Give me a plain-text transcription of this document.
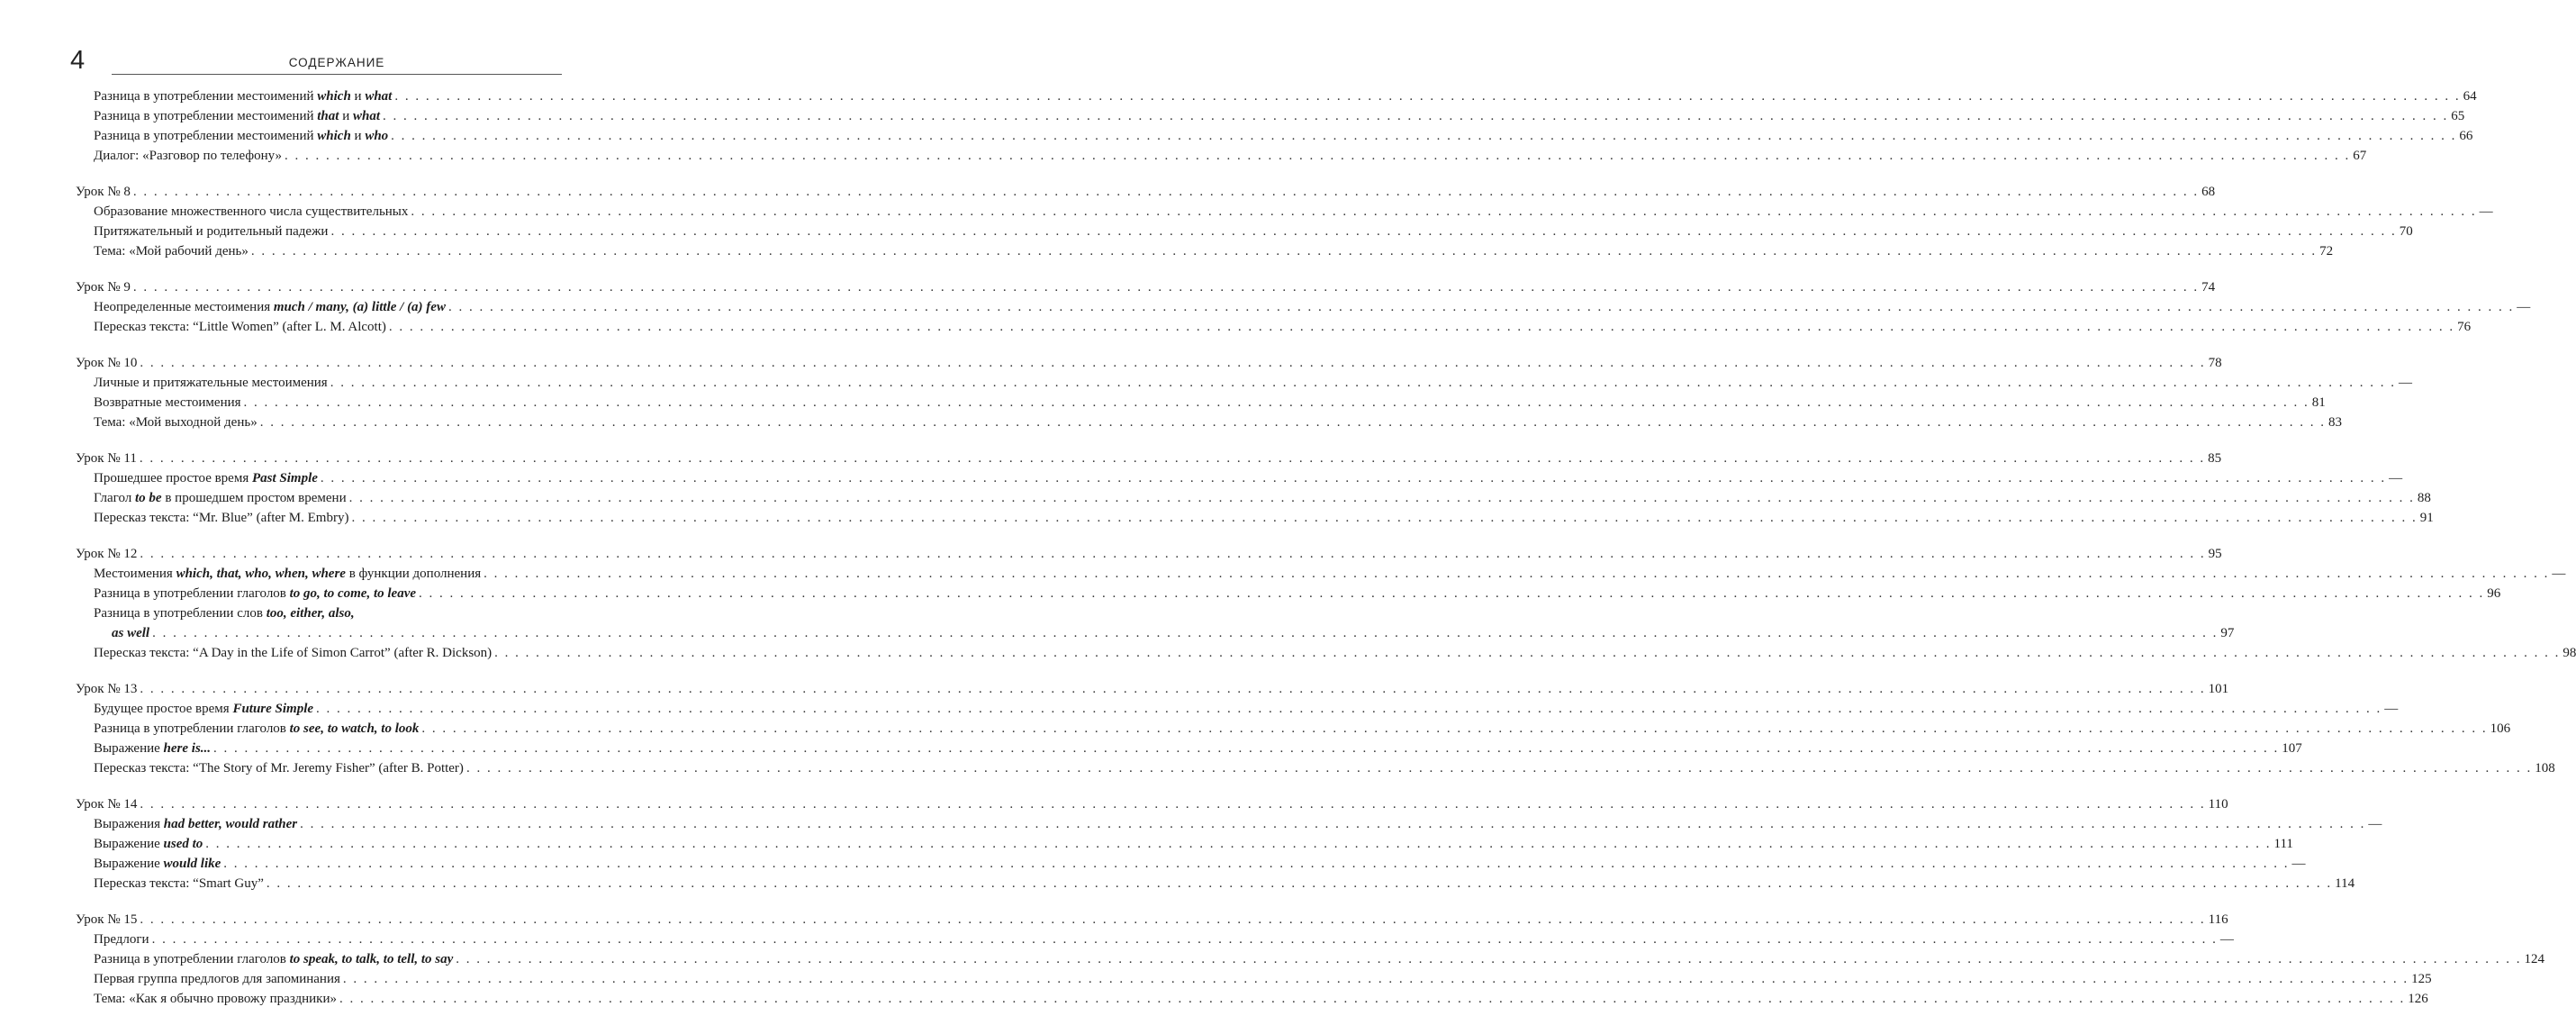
4	СОДЕРЖАНИЕ
Разница в употреблении местоимений which и what . . . . . . . . . . . . . . . . . . . . . . . . . . . . . . . . . . . . . . . . . . . . . . . . . . . . . . . . . . . . . . . . . . . . . . . . . . . . . . . . . . . . . . . . . . . . . . . . . . . . . . . . . . . . . . . . . . . . . . . . . . . . . . . . . . . . . . . . . . . . . . . . . . . . . . . . . . . . . . . . . . . . . . . . . . . . . . . . . . . . . . . . . . . . . . . . . . . . . . . . 64
Разница в употреблении местоимений that и what . . . . . . . . . . . . . . . . . . . . . . . . . . . . . . . . . . . . . . . . . . . . . . . . . . . . . . . . . . . . . . . . . . . . . . . . . . . . . . . . . . . . . . . . . . . . . . . . . . . . . . . . . . . . . . . . . . . . . . . . . . . . . . . . . . . . . . . . . . . . . . . . . . . . . . . . . . . . . . . . . . . . . . . . . . . . . . . . . . . . . . . . . . . . . . . . . . . . . . . . 65
Разница в употреблении местоимений which и who . . . . . . . . . . . . . . . . . . . . . . . . . . . . . . . . . . . . . . . . . . . . . . . . . . . . . . . . . . . . . . . . . . . . . . . . . . . . . . . . . . . . . . . . . . . . . . . . . . . . . . . . . . . . . . . . . . . . . . . . . . . . . . . . . . . . . . . . . . . . . . . . . . . . . . . . . . . . . . . . . . . . . . . . . . . . . . . . . . . . . . . . . . . . . . . . . . . . . . . . 66
Диалог: «Разговор по телефону» . . . . . . . . . . . . . . . . . . . . . . . . . . . . . . . . . . . . . . . . . . . . . . . . . . . . . . . . . . . . . . . . . . . . . . . . . . . . . . . . . . . . . . . . . . . . . . . . . . . . . . . . . . . . . . . . . . . . . . . . . . . . . . . . . . . . . . . . . . . . . . . . . . . . . . . . . . . . . . . . . . . . . . . . . . . . . . . . . . . . . . . . . . . . . . . . . . . . . . . . 67
Урок № 8 . . . . . . . . . . . . . . . . . . . . . . . . . . . . . . . . . . . . . . . . . . . . . . . . . . . . . . . . . . . . . . . . . . . . . . . . . . . . . . . . . . . . . . . . . . . . . . . . . . . . . . . . . . . . . . . . . . . . . . . . . . . . . . . . . . . . . . . . . . . . . . . . . . . . . . . . . . . . . . . . . . . . . . . . . . . . . . . . . . . . . . . . . . . . . . . . . . . . . . . . 68
Образование множественного числа существительных . . . . . . . . . . . . . . . . . . . . . . . . . . . . . . . . . . . . . . . . . . . . . . . . . . . . . . . . . . . . . . . . . . . . . . . . . . . . . . . . . . . . . . . . . . . . . . . . . . . . . . . . . . . . . . . . . . . . . . . . . . . . . . . . . . . . . . . . . . . . . . . . . . . . . . . . . . . . . . . . . . . . . . . . . . . . . . . . . . . . . . . . . . . . . . . . . . . . . . . . —
Притяжательный и родительный падежи . . . . . . . . . . . . . . . . . . . . . . . . . . . . . . . . . . . . . . . . . . . . . . . . . . . . . . . . . . . . . . . . . . . . . . . . . . . . . . . . . . . . . . . . . . . . . . . . . . . . . . . . . . . . . . . . . . . . . . . . . . . . . . . . . . . . . . . . . . . . . . . . . . . . . . . . . . . . . . . . . . . . . . . . . . . . . . . . . . . . . . . . . . . . . . . . . . . . . . . . 70
Тема: «Мой рабочий день» . . . . . . . . . . . . . . . . . . . . . . . . . . . . . . . . . . . . . . . . . . . . . . . . . . . . . . . . . . . . . . . . . . . . . . . . . . . . . . . . . . . . . . . . . . . . . . . . . . . . . . . . . . . . . . . . . . . . . . . . . . . . . . . . . . . . . . . . . . . . . . . . . . . . . . . . . . . . . . . . . . . . . . . . . . . . . . . . . . . . . . . . . . . . . . . . . . . . . . . . 72
Урок № 9 . . . . . . . . . . . . . . . . . . . . . . . . . . . . . . . . . . . . . . . . . . . . . . . . . . . . . . . . . . . . . . . . . . . . . . . . . . . . . . . . . . . . . . . . . . . . . . . . . . . . . . . . . . . . . . . . . . . . . . . . . . . . . . . . . . . . . . . . . . . . . . . . . . . . . . . . . . . . . . . . . . . . . . . . . . . . . . . . . . . . . . . . . . . . . . . . . . . . . . . . 74
Неопределенные местоимения much / many, (a) little / (a) few . . . . . . . . . . . . . . . . . . . . . . . . . . . . . . . . . . . . . . . . . . . . . . . . . . . . . . . . . . . . . . . . . . . . . . . . . . . . . . . . . . . . . . . . . . . . . . . . . . . . . . . . . . . . . . . . . . . . . . . . . . . . . . . . . . . . . . . . . . . . . . . . . . . . . . . . . . . . . . . . . . . . . . . . . . . . . . . . . . . . . . . . . . . . . . . . . . . . . . . . —
Пересказ текста: “Little Women” (after L. M. Alcott) . . . . . . . . . . . . . . . . . . . . . . . . . . . . . . . . . . . . . . . . . . . . . . . . . . . . . . . . . . . . . . . . . . . . . . . . . . . . . . . . . . . . . . . . . . . . . . . . . . . . . . . . . . . . . . . . . . . . . . . . . . . . . . . . . . . . . . . . . . . . . . . . . . . . . . . . . . . . . . . . . . . . . . . . . . . . . . . . . . . . . . . . . . . . . . . . . . . . . . . . 76
Урок № 10 . . . . . . . . . . . . . . . . . . . . . . . . . . . . . . . . . . . . . . . . . . . . . . . . . . . . . . . . . . . . . . . . . . . . . . . . . . . . . . . . . . . . . . . . . . . . . . . . . . . . . . . . . . . . . . . . . . . . . . . . . . . . . . . . . . . . . . . . . . . . . . . . . . . . . . . . . . . . . . . . . . . . . . . . . . . . . . . . . . . . . . . . . . . . . . . . . . . . . . . . 78
Личные и притяжательные местоимения . . . . . . . . . . . . . . . . . . . . . . . . . . . . . . . . . . . . . . . . . . . . . . . . . . . . . . . . . . . . . . . . . . . . . . . . . . . . . . . . . . . . . . . . . . . . . . . . . . . . . . . . . . . . . . . . . . . . . . . . . . . . . . . . . . . . . . . . . . . . . . . . . . . . . . . . . . . . . . . . . . . . . . . . . . . . . . . . . . . . . . . . . . . . . . . . . . . . . . . . —
Возвратные местоимения . . . . . . . . . . . . . . . . . . . . . . . . . . . . . . . . . . . . . . . . . . . . . . . . . . . . . . . . . . . . . . . . . . . . . . . . . . . . . . . . . . . . . . . . . . . . . . . . . . . . . . . . . . . . . . . . . . . . . . . . . . . . . . . . . . . . . . . . . . . . . . . . . . . . . . . . . . . . . . . . . . . . . . . . . . . . . . . . . . . . . . . . . . . . . . . . . . . . . . . . 81
Тема: «Мой выходной день» . . . . . . . . . . . . . . . . . . . . . . . . . . . . . . . . . . . . . . . . . . . . . . . . . . . . . . . . . . . . . . . . . . . . . . . . . . . . . . . . . . . . . . . . . . . . . . . . . . . . . . . . . . . . . . . . . . . . . . . . . . . . . . . . . . . . . . . . . . . . . . . . . . . . . . . . . . . . . . . . . . . . . . . . . . . . . . . . . . . . . . . . . . . . . . . . . . . . . . . . 83
Урок № 11 . . . . . . . . . . . . . . . . . . . . . . . . . . . . . . . . . . . . . . . . . . . . . . . . . . . . . . . . . . . . . . . . . . . . . . . . . . . . . . . . . . . . . . . . . . . . . . . . . . . . . . . . . . . . . . . . . . . . . . . . . . . . . . . . . . . . . . . . . . . . . . . . . . . . . . . . . . . . . . . . . . . . . . . . . . . . . . . . . . . . . . . . . . . . . . . . . . . . . . . . 85
Прошедшее простое время Past Simple . . . . . . . . . . . . . . . . . . . . . . . . . . . . . . . . . . . . . . . . . . . . . . . . . . . . . . . . . . . . . . . . . . . . . . . . . . . . . . . . . . . . . . . . . . . . . . . . . . . . . . . . . . . . . . . . . . . . . . . . . . . . . . . . . . . . . . . . . . . . . . . . . . . . . . . . . . . . . . . . . . . . . . . . . . . . . . . . . . . . . . . . . . . . . . . . . . . . . . . . —
Глагол to be в прошедшем простом времени . . . . . . . . . . . . . . . . . . . . . . . . . . . . . . . . . . . . . . . . . . . . . . . . . . . . . . . . . . . . . . . . . . . . . . . . . . . . . . . . . . . . . . . . . . . . . . . . . . . . . . . . . . . . . . . . . . . . . . . . . . . . . . . . . . . . . . . . . . . . . . . . . . . . . . . . . . . . . . . . . . . . . . . . . . . . . . . . . . . . . . . . . . . . . . . . . . . . . . . . 88
Пересказ текста: “Mr. Blue” (after M. Embry) . . . . . . . . . . . . . . . . . . . . . . . . . . . . . . . . . . . . . . . . . . . . . . . . . . . . . . . . . . . . . . . . . . . . . . . . . . . . . . . . . . . . . . . . . . . . . . . . . . . . . . . . . . . . . . . . . . . . . . . . . . . . . . . . . . . . . . . . . . . . . . . . . . . . . . . . . . . . . . . . . . . . . . . . . . . . . . . . . . . . . . . . . . . . . . . . . . . . . . . . 91
Урок № 12 . . . . . . . . . . . . . . . . . . . . . . . . . . . . . . . . . . . . . . . . . . . . . . . . . . . . . . . . . . . . . . . . . . . . . . . . . . . . . . . . . . . . . . . . . . . . . . . . . . . . . . . . . . . . . . . . . . . . . . . . . . . . . . . . . . . . . . . . . . . . . . . . . . . . . . . . . . . . . . . . . . . . . . . . . . . . . . . . . . . . . . . . . . . . . . . . . . . . . . . . 95
Местоимения which, that, who, when, where в функции дополнения . . . . . . . . . . . . . . . . . . . . . . . . . . . . . . . . . . . . . . . . . . . . . . . . . . . . . . . . . . . . . . . . . . . . . . . . . . . . . . . . . . . . . . . . . . . . . . . . . . . . . . . . . . . . . . . . . . . . . . . . . . . . . . . . . . . . . . . . . . . . . . . . . . . . . . . . . . . . . . . . . . . . . . . . . . . . . . . . . . . . . . . . . . . . . . . . . . . . . . . . —
Разница в употреблении глаголов to go, to come, to leave . . . . . . . . . . . . . . . . . . . . . . . . . . . . . . . . . . . . . . . . . . . . . . . . . . . . . . . . . . . . . . . . . . . . . . . . . . . . . . . . . . . . . . . . . . . . . . . . . . . . . . . . . . . . . . . . . . . . . . . . . . . . . . . . . . . . . . . . . . . . . . . . . . . . . . . . . . . . . . . . . . . . . . . . . . . . . . . . . . . . . . . . . . . . . . . . . . . . . . . . 96
Разница в употреблении слов too, either, also,
as well . . . . . . . . . . . . . . . . . . . . . . . . . . . . . . . . . . . . . . . . . . . . . . . . . . . . . . . . . . . . . . . . . . . . . . . . . . . . . . . . . . . . . . . . . . . . . . . . . . . . . . . . . . . . . . . . . . . . . . . . . . . . . . . . . . . . . . . . . . . . . . . . . . . . . . . . . . . . . . . . . . . . . . . . . . . . . . . . . . . . . . . . . . . . . . . . . . . . . . . . 97
Пересказ текста: “A Day in the Life of Simon Carrot” (after R. Dickson) . . . . . . . . . . . . . . . . . . . . . . . . . . . . . . . . . . . . . . . . . . . . . . . . . . . . . . . . . . . . . . . . . . . . . . . . . . . . . . . . . . . . . . . . . . . . . . . . . . . . . . . . . . . . . . . . . . . . . . . . . . . . . . . . . . . . . . . . . . . . . . . . . . . . . . . . . . . . . . . . . . . . . . . . . . . . . . . . . . . . . . . . . . . . . . . . . . . . . . . . 98
Урок № 13 . . . . . . . . . . . . . . . . . . . . . . . . . . . . . . . . . . . . . . . . . . . . . . . . . . . . . . . . . . . . . . . . . . . . . . . . . . . . . . . . . . . . . . . . . . . . . . . . . . . . . . . . . . . . . . . . . . . . . . . . . . . . . . . . . . . . . . . . . . . . . . . . . . . . . . . . . . . . . . . . . . . . . . . . . . . . . . . . . . . . . . . . . . . . . . . . . . . . . . . . 101
Будущее простое время Future Simple . . . . . . . . . . . . . . . . . . . . . . . . . . . . . . . . . . . . . . . . . . . . . . . . . . . . . . . . . . . . . . . . . . . . . . . . . . . . . . . . . . . . . . . . . . . . . . . . . . . . . . . . . . . . . . . . . . . . . . . . . . . . . . . . . . . . . . . . . . . . . . . . . . . . . . . . . . . . . . . . . . . . . . . . . . . . . . . . . . . . . . . . . . . . . . . . . . . . . . . . —
Разница в употреблении глаголов to see, to watch, to look . . . . . . . . . . . . . . . . . . . . . . . . . . . . . . . . . . . . . . . . . . . . . . . . . . . . . . . . . . . . . . . . . . . . . . . . . . . . . . . . . . . . . . . . . . . . . . . . . . . . . . . . . . . . . . . . . . . . . . . . . . . . . . . . . . . . . . . . . . . . . . . . . . . . . . . . . . . . . . . . . . . . . . . . . . . . . . . . . . . . . . . . . . . . . . . . . . . . . . . . 106
Выражение here is... . . . . . . . . . . . . . . . . . . . . . . . . . . . . . . . . . . . . . . . . . . . . . . . . . . . . . . . . . . . . . . . . . . . . . . . . . . . . . . . . . . . . . . . . . . . . . . . . . . . . . . . . . . . . . . . . . . . . . . . . . . . . . . . . . . . . . . . . . . . . . . . . . . . . . . . . . . . . . . . . . . . . . . . . . . . . . . . . . . . . . . . . . . . . . . . . . . . . . . . . 107
Пересказ текста: “The Story of Mr. Jeremy Fisher” (after B. Potter) . . . . . . . . . . . . . . . . . . . . . . . . . . . . . . . . . . . . . . . . . . . . . . . . . . . . . . . . . . . . . . . . . . . . . . . . . . . . . . . . . . . . . . . . . . . . . . . . . . . . . . . . . . . . . . . . . . . . . . . . . . . . . . . . . . . . . . . . . . . . . . . . . . . . . . . . . . . . . . . . . . . . . . . . . . . . . . . . . . . . . . . . . . . . . . . . . . . . . . . . 108
Урок № 14 . . . . . . . . . . . . . . . . . . . . . . . . . . . . . . . . . . . . . . . . . . . . . . . . . . . . . . . . . . . . . . . . . . . . . . . . . . . . . . . . . . . . . . . . . . . . . . . . . . . . . . . . . . . . . . . . . . . . . . . . . . . . . . . . . . . . . . . . . . . . . . . . . . . . . . . . . . . . . . . . . . . . . . . . . . . . . . . . . . . . . . . . . . . . . . . . . . . . . . . . 110
Выражения had better, would rather . . . . . . . . . . . . . . . . . . . . . . . . . . . . . . . . . . . . . . . . . . . . . . . . . . . . . . . . . . . . . . . . . . . . . . . . . . . . . . . . . . . . . . . . . . . . . . . . . . . . . . . . . . . . . . . . . . . . . . . . . . . . . . . . . . . . . . . . . . . . . . . . . . . . . . . . . . . . . . . . . . . . . . . . . . . . . . . . . . . . . . . . . . . . . . . . . . . . . . . . —
Выражение used to . . . . . . . . . . . . . . . . . . . . . . . . . . . . . . . . . . . . . . . . . . . . . . . . . . . . . . . . . . . . . . . . . . . . . . . . . . . . . . . . . . . . . . . . . . . . . . . . . . . . . . . . . . . . . . . . . . . . . . . . . . . . . . . . . . . . . . . . . . . . . . . . . . . . . . . . . . . . . . . . . . . . . . . . . . . . . . . . . . . . . . . . . . . . . . . . . . . . . . . . 111
Выражение would like . . . . . . . . . . . . . . . . . . . . . . . . . . . . . . . . . . . . . . . . . . . . . . . . . . . . . . . . . . . . . . . . . . . . . . . . . . . . . . . . . . . . . . . . . . . . . . . . . . . . . . . . . . . . . . . . . . . . . . . . . . . . . . . . . . . . . . . . . . . . . . . . . . . . . . . . . . . . . . . . . . . . . . . . . . . . . . . . . . . . . . . . . . . . . . . . . . . . . . . . —
Пересказ текста: “Smart Guy” . . . . . . . . . . . . . . . . . . . . . . . . . . . . . . . . . . . . . . . . . . . . . . . . . . . . . . . . . . . . . . . . . . . . . . . . . . . . . . . . . . . . . . . . . . . . . . . . . . . . . . . . . . . . . . . . . . . . . . . . . . . . . . . . . . . . . . . . . . . . . . . . . . . . . . . . . . . . . . . . . . . . . . . . . . . . . . . . . . . . . . . . . . . . . . . . . . . . . . . . 114
Урок № 15 . . . . . . . . . . . . . . . . . . . . . . . . . . . . . . . . . . . . . . . . . . . . . . . . . . . . . . . . . . . . . . . . . . . . . . . . . . . . . . . . . . . . . . . . . . . . . . . . . . . . . . . . . . . . . . . . . . . . . . . . . . . . . . . . . . . . . . . . . . . . . . . . . . . . . . . . . . . . . . . . . . . . . . . . . . . . . . . . . . . . . . . . . . . . . . . . . . . . . . . . 116
Предлоги . . . . . . . . . . . . . . . . . . . . . . . . . . . . . . . . . . . . . . . . . . . . . . . . . . . . . . . . . . . . . . . . . . . . . . . . . . . . . . . . . . . . . . . . . . . . . . . . . . . . . . . . . . . . . . . . . . . . . . . . . . . . . . . . . . . . . . . . . . . . . . . . . . . . . . . . . . . . . . . . . . . . . . . . . . . . . . . . . . . . . . . . . . . . . . . . . . . . . . . . —
Разница в употреблении глаголов to speak, to talk, to tell, to say . . . . . . . . . . . . . . . . . . . . . . . . . . . . . . . . . . . . . . . . . . . . . . . . . . . . . . . . . . . . . . . . . . . . . . . . . . . . . . . . . . . . . . . . . . . . . . . . . . . . . . . . . . . . . . . . . . . . . . . . . . . . . . . . . . . . . . . . . . . . . . . . . . . . . . . . . . . . . . . . . . . . . . . . . . . . . . . . . . . . . . . . . . . . . . . . . . . . . . . . 124
Первая группа предлогов для запоминания . . . . . . . . . . . . . . . . . . . . . . . . . . . . . . . . . . . . . . . . . . . . . . . . . . . . . . . . . . . . . . . . . . . . . . . . . . . . . . . . . . . . . . . . . . . . . . . . . . . . . . . . . . . . . . . . . . . . . . . . . . . . . . . . . . . . . . . . . . . . . . . . . . . . . . . . . . . . . . . . . . . . . . . . . . . . . . . . . . . . . . . . . . . . . . . . . . . . . . . . 125
Тема: «Как я обычно провожу праздники» . . . . . . . . . . . . . . . . . . . . . . . . . . . . . . . . . . . . . . . . . . . . . . . . . . . . . . . . . . . . . . . . . . . . . . . . . . . . . . . . . . . . . . . . . . . . . . . . . . . . . . . . . . . . . . . . . . . . . . . . . . . . . . . . . . . . . . . . . . . . . . . . . . . . . . . . . . . . . . . . . . . . . . . . . . . . . . . . . . . . . . . . . . . . . . . . . . . . . . . . 126
